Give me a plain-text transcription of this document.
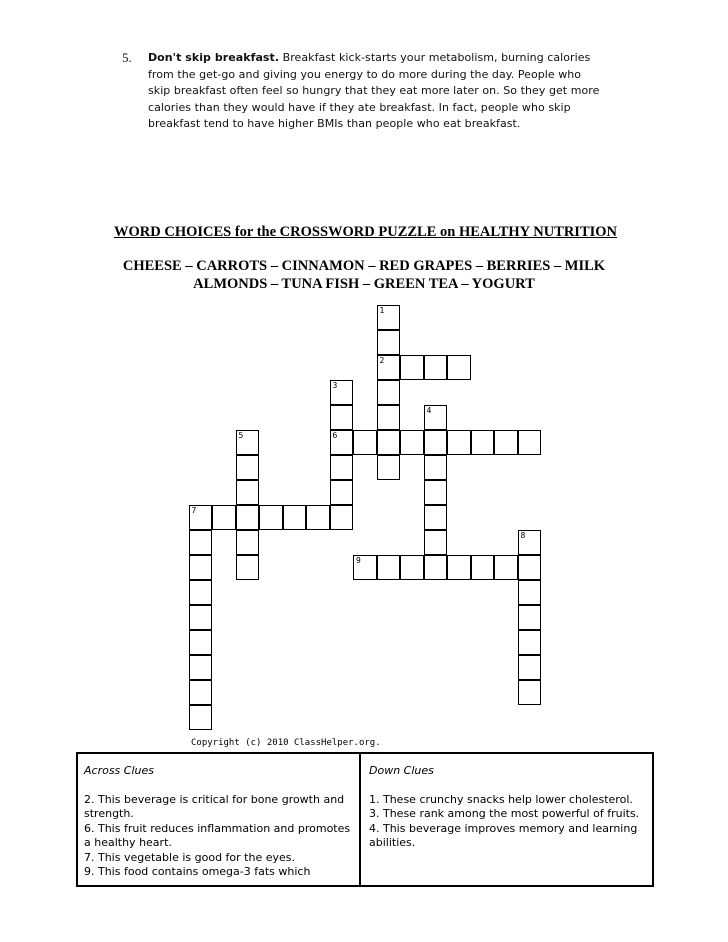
5. Don't skip breakfast. Breakfast kick-starts your metabolism, burning calories
from the get-go and giving you energy to do more during the day. People who
skip breakfast often feel so hungry that they eat more later on. So they get more
calories than they would have if they ate breakfast. In fact, people who skip
breakfast tend to have higher BMIs than people who eat breakfast.
WORD CHOICES for the CROSSWORD PUZZLE on HEALTHY NUTRITION
CHEESE – CARROTS – CINNAMON – RED GRAPES – BERRIES – MILK
ALMONDS – TUNA FISH – GREEN TEA – YOGURT
1
2
3
6
4
5
7
8
9
Copyright (c) 2010 ClassHelper.org.
Across Clues
2. This beverage is critical for bone growth and strength.
6. This fruit reduces inflammation and promotes a healthy heart.
7. This vegetable is good for the eyes.
9. This food contains omega-3 fats which
Down Clues
1. These crunchy snacks help lower cholesterol.
3. These rank among the most powerful of fruits.
4. This beverage improves memory and learning abilities.
